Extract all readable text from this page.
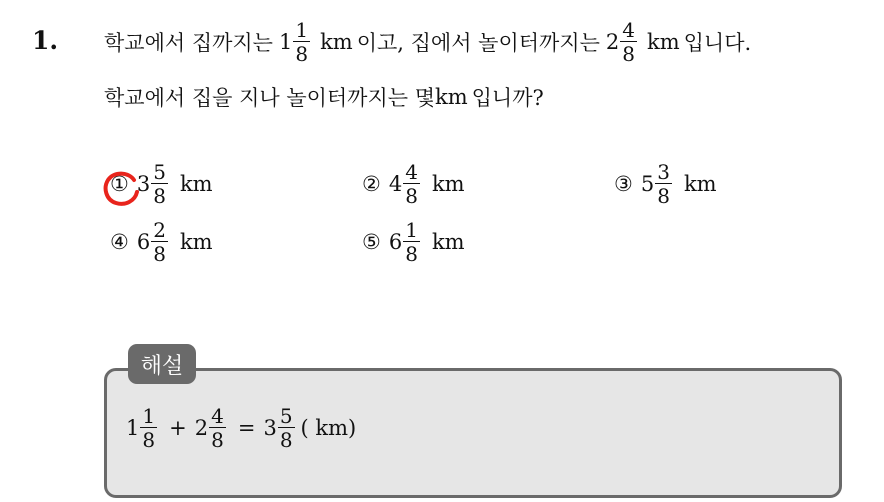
1. 학교에서 집까지는 $1 \frac{1}{8}$ km 이고, 집에서 놀이터까지는 $2 \frac{4}{8}$ km 입니다.
학교에서 집을 지나 놀이터까지는 몇 km 입니까?
① $3 \frac{5}{8}$ km	② $4 \frac{4}{8}$ km	③ $5 \frac{3}{8}$ km
④ $6 \frac{2}{8}$ km	⑤ $6 \frac{1}{8}$ km
해설
$1 \frac{1}{8} + 2 \frac{4}{8} = 3 \frac{5}{8}$ ( km)
